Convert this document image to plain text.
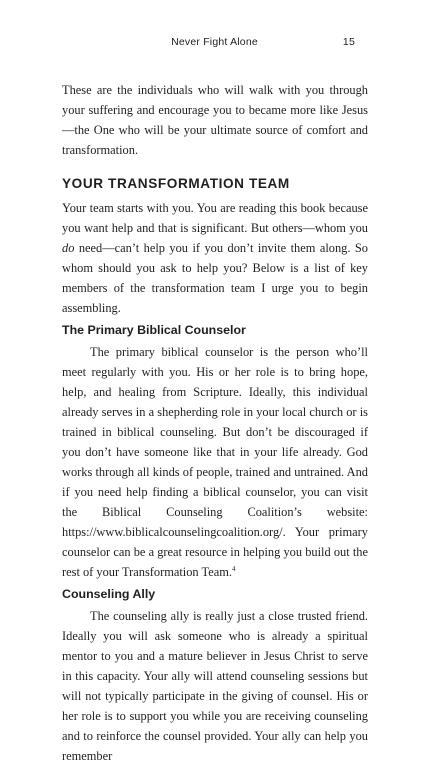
Never Fight Alone	15

These are the individuals who will walk with you through your suffering and encourage you to became more like Jesus—the One who will be your ultimate source of comfort and transformation.

YOUR TRANSFORMATION TEAM

Your team starts with you. You are reading this book because you want help and that is significant. But others—whom you do need—can’t help you if you don’t invite them along. So whom should you ask to help you? Below is a list of key members of the transformation team I urge you to begin assembling.

The Primary Biblical Counselor

The primary biblical counselor is the person who’ll meet regularly with you. His or her role is to bring hope, help, and healing from Scripture. Ideally, this individual already serves in a shepherding role in your local church or is trained in biblical counseling. But don’t be discouraged if you don’t have someone like that in your life already. God works through all kinds of people, trained and untrained. And if you need help finding a biblical counselor, you can visit the Biblical Counseling Coalition’s website: https://www.biblicalcounselingcoalition.org/. Your primary counselor can be a great resource in helping you build out the rest of your Transformation Team.$^4$

Counseling Ally

The counseling ally is really just a close trusted friend. Ideally you will ask someone who is already a spiritual mentor to you and a mature believer in Jesus Christ to serve in this capacity. Your ally will attend counseling sessions but will not typically participate in the giving of counsel. His or her role is to support you while you are receiving counseling and to reinforce the counsel provided. Your ally can help you remember
